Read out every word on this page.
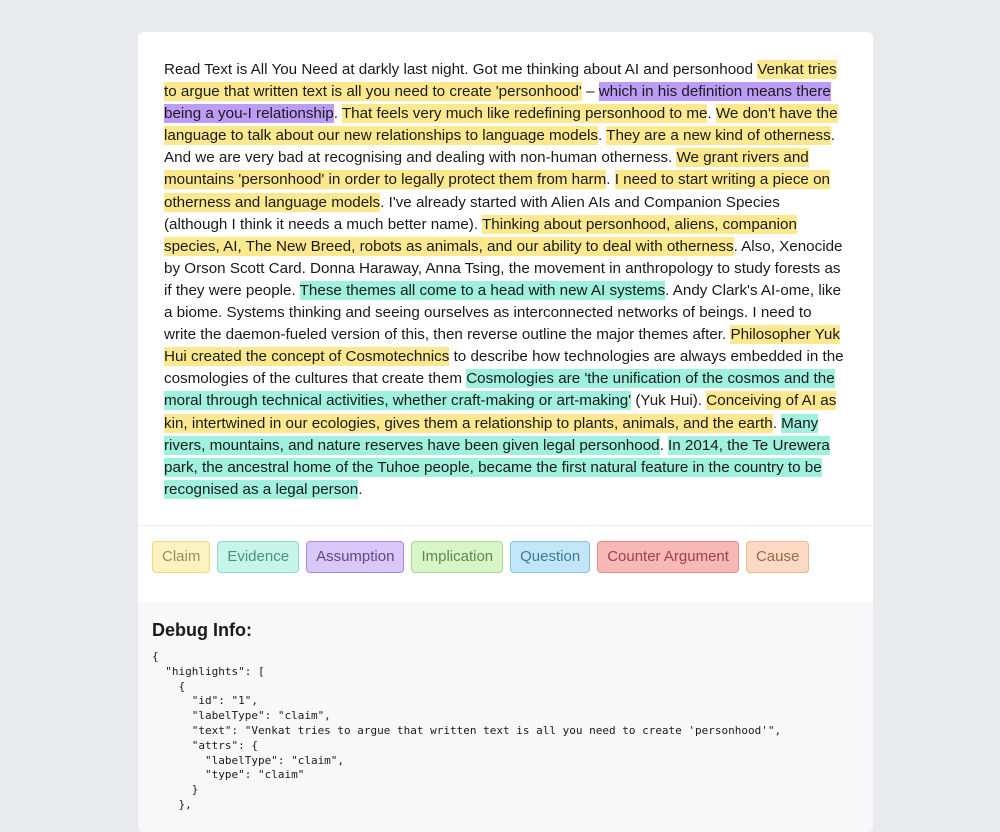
Read Text is All You Need at darkly last night. Got me thinking about AI and personhood Venkat tries to argue that written text is all you need to create 'personhood' – which in his definition means there being a you-I relationship. That feels very much like redefining personhood to me. We don't have the language to talk about our new relationships to language models. They are a new kind of otherness. And we are very bad at recognising and dealing with non-human otherness. We grant rivers and mountains 'personhood' in order to legally protect them from harm. I need to start writing a piece on otherness and language models. I've already started with Alien AIs and Companion Species (although I think it needs a much better name). Thinking about personhood, aliens, companion species, AI, The New Breed, robots as animals, and our ability to deal with otherness. Also, Xenocide by Orson Scott Card. Donna Haraway, Anna Tsing, the movement in anthropology to study forests as if they were people. These themes all come to a head with new AI systems. Andy Clark's AI-ome, like a biome. Systems thinking and seeing ourselves as interconnected networks of beings. I need to write the daemon-fueled version of this, then reverse outline the major themes after. Philosopher Yuk Hui created the concept of Cosmotechnics to describe how technologies are always embedded in the cosmologies of the cultures that create them Cosmologies are 'the unification of the cosmos and the moral through technical activities, whether craft-making or art-making' (Yuk Hui). Conceiving of AI as kin, intertwined in our ecologies, gives them a relationship to plants, animals, and the earth. Many rivers, mountains, and nature reserves have been given legal personhood. In 2014, the Te Urewera park, the ancestral home of the Tuhoe people, became the first natural feature in the country to be recognised as a legal person.
Claim	Evidence	Assumption	Implication	Question	Counter Argument	Cause
Debug Info:
{
"highlights": [
{
"id": "1",
"labelType": "claim",
"text": "Venkat tries to argue that written text is all you need to create 'personhood'",
"attrs": {
"labelType": "claim",
"type": "claim"
}
},
